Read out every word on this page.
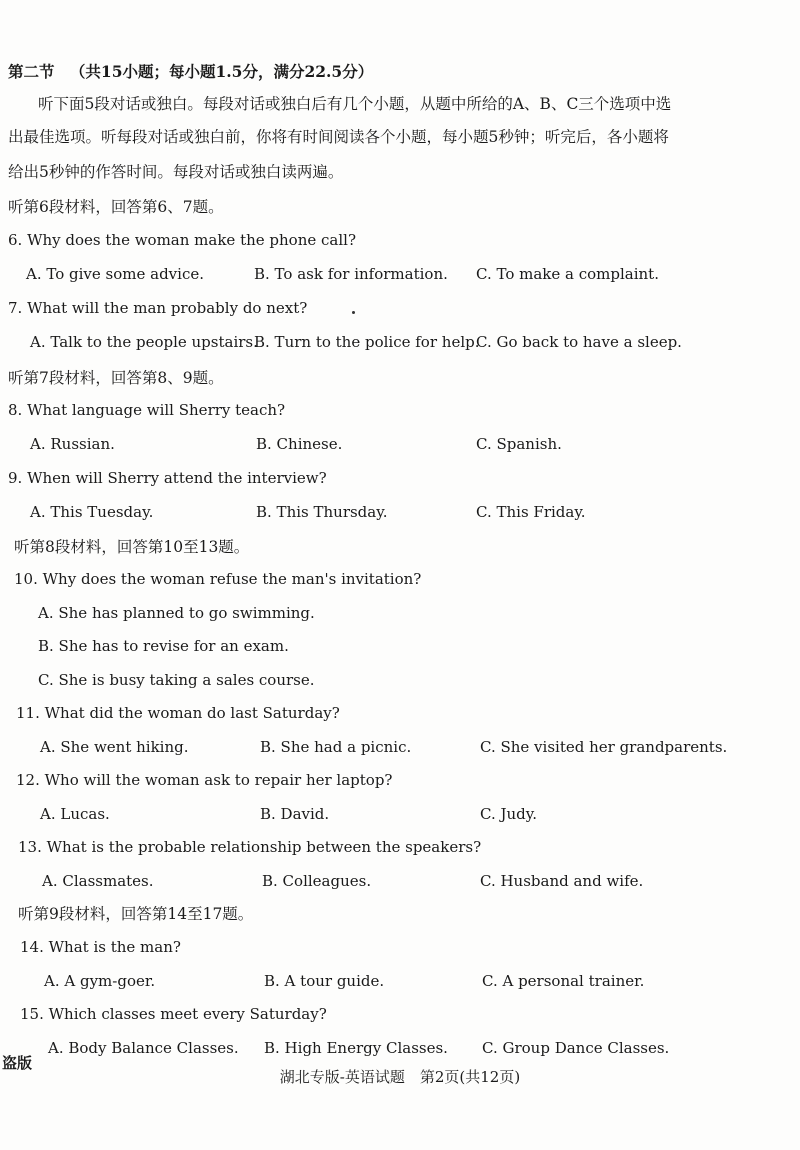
第二节 （共15小题；每小题1.5分，满分22.5分）
听下面5段对话或独白。每段对话或独白后有几个小题，从题中所给的A、B、C三个选项中选
出最佳选项。听每段对话或独白前，你将有时间阅读各个小题，每小题5秒钟；听完后，各小题将
给出5秒钟的作答时间。每段对话或独白读两遍。
听第6段材料，回答第6、7题。
6. Why does the woman make the phone call?
A. To give some advice.	B. To ask for information. C. To make a complaint.
7. What will the man probably do next?
A. Talk to the people upstairs.
B. Turn to the police for help.
C. Go back to have a sleep.
听第7段材料，回答第8、9题。
8. What language will Sherry teach?
A. Russian.	B. Chinese.	C. Spanish.
9. When will Sherry attend the interview?
A. This Tuesday.	B. This Thursday.	C. This Friday.
听第8段材料，回答第10至13题。
10. Why does the woman refuse the man's invitation?
A. She has planned to go swimming.
B. She has to revise for an exam.
C. She is busy taking a sales course.
11. What did the woman do last Saturday?
A. She went hiking.	B. She had a picnic.	C. She visited her grandparents.
12. Who will the woman ask to repair her laptop?
A. Lucas.	B. David.	C. Judy.
13. What is the probable relationship between the speakers?
A. Classmates.	B. Colleagues.	C. Husband and wife.
听第9段材料，回答第14至17题。
14. What is the man?
A. A gym-goer.	B. A tour guide.	C. A personal trainer.
15. Which classes meet every Saturday?
A. Body Balance Classes. B. High Energy Classes. C. Group Dance Classes.
盗版
湖北专版-英语试题　第2页(共12页)
